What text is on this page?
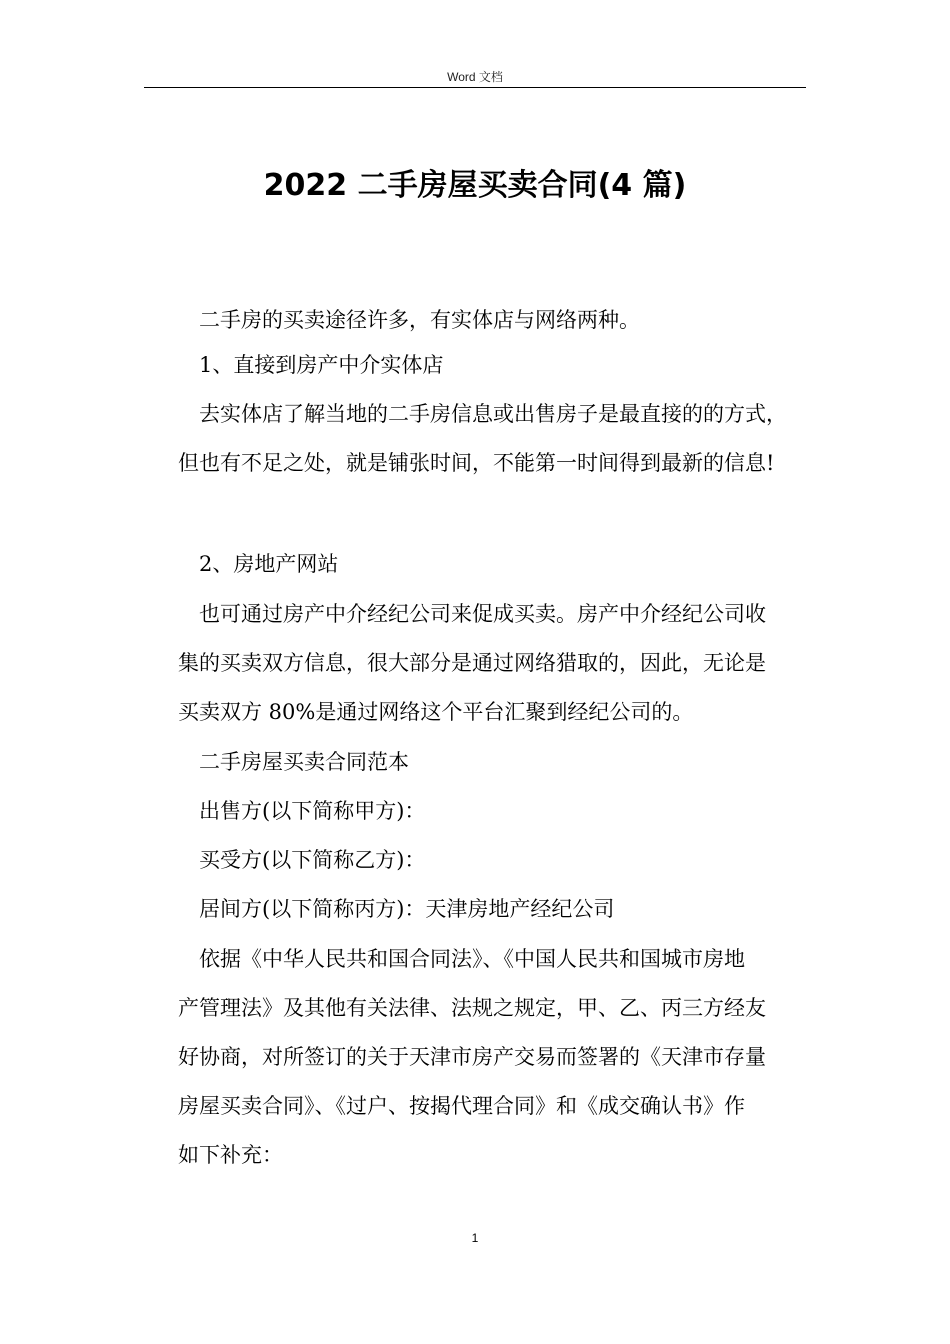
Word 文档
2022 二手房屋买卖合同(4 篇)
二手房的买卖途径许多，有实体店与网络两种。
1、直接到房产中介实体店
去实体店了解当地的二手房信息或出售房子是最直接的的方式，
但也有不足之处，就是铺张时间，不能第一时间得到最新的信息!
2、房地产网站
也可通过房产中介经纪公司来促成买卖。房产中介经纪公司收
集的买卖双方信息，很大部分是通过网络猎取的，因此，无论是
买卖双方 80%是通过网络这个平台汇聚到经纪公司的。
二手房屋买卖合同范本
出售方(以下简称甲方)：
买受方(以下简称乙方)：
居间方(以下简称丙方)：天津房地产经纪公司
依据《中华人民共和国合同法》、《中国人民共和国城市房地
产管理法》及其他有关法律、法规之规定，甲、乙、丙三方经友
好协商，对所签订的关于天津市房产交易而签署的《天津市存量
房屋买卖合同》、《过户、按揭代理合同》和《成交确认书》作
如下补充：
1
